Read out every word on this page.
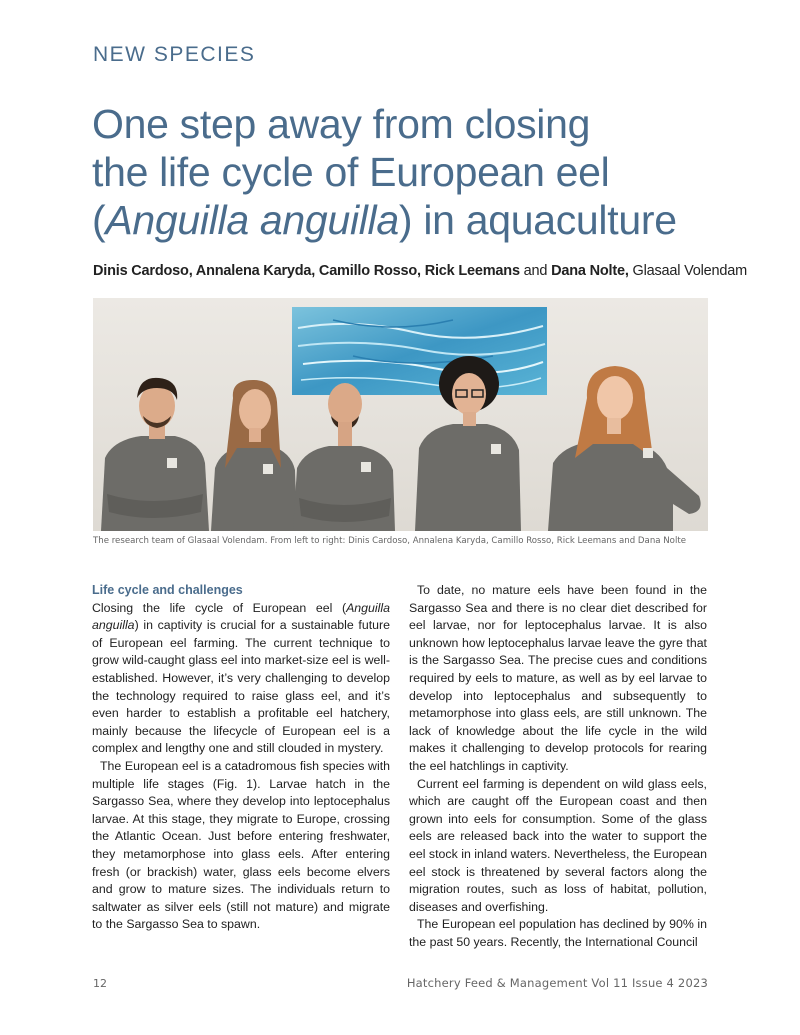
NEW SPECIES
One step away from closing
the life cycle of European eel
(Anguilla anguilla) in aquaculture
Dinis Cardoso, Annalena Karyda, Camillo Rosso, Rick Leemans and Dana Nolte, Glasaal Volendam
The research team of Glasaal Volendam. From left to right: Dinis Cardoso, Annalena Karyda, Camillo Rosso, Rick Leemans and Dana Nolte
Life cycle and challenges

Closing the life cycle of European eel (Anguilla anguilla) in captivity is crucial for a sustainable future of European eel farming. The current technique to grow wild-caught glass eel into market-size eel is well-established. However, it’s very challenging to develop the technology required to raise glass eel, and it’s even harder to establish a profitable eel hatchery, mainly because the lifecycle of European eel is a complex and lengthy one and still clouded in mystery.

The European eel is a catadromous fish species with multiple life stages (Fig. 1). Larvae hatch in the Sargasso Sea, where they develop into leptocephalus larvae. At this stage, they migrate to Europe, crossing the Atlantic Ocean. Just before entering freshwater, they metamorphose into glass eels. After entering fresh (or brackish) water, glass eels become elvers and grow to mature sizes. The individuals return to saltwater as silver eels (still not mature) and migrate to the Sargasso Sea to spawn.

To date, no mature eels have been found in the Sargasso Sea and there is no clear diet described for eel larvae, nor for leptocephalus larvae. It is also unknown how leptocephalus larvae leave the gyre that is the Sargasso Sea. The precise cues and conditions required by eels to mature, as well as by eel larvae to develop into leptocephalus and subsequently to metamorphose into glass eels, are still unknown. The lack of knowledge about the life cycle in the wild makes it challenging to develop protocols for rearing the eel hatchlings in captivity.

Current eel farming is dependent on wild glass eels, which are caught off the European coast and then grown into eels for consumption. Some of the glass eels are released back into the water to support the eel stock in inland waters. Nevertheless, the European eel stock is threatened by several factors along the migration routes, such as loss of habitat, pollution, diseases and overfishing.

The European eel population has declined by 90% in the past 50 years. Recently, the International Council

12	Hatchery Feed & Management Vol 11 Issue 4 2023
